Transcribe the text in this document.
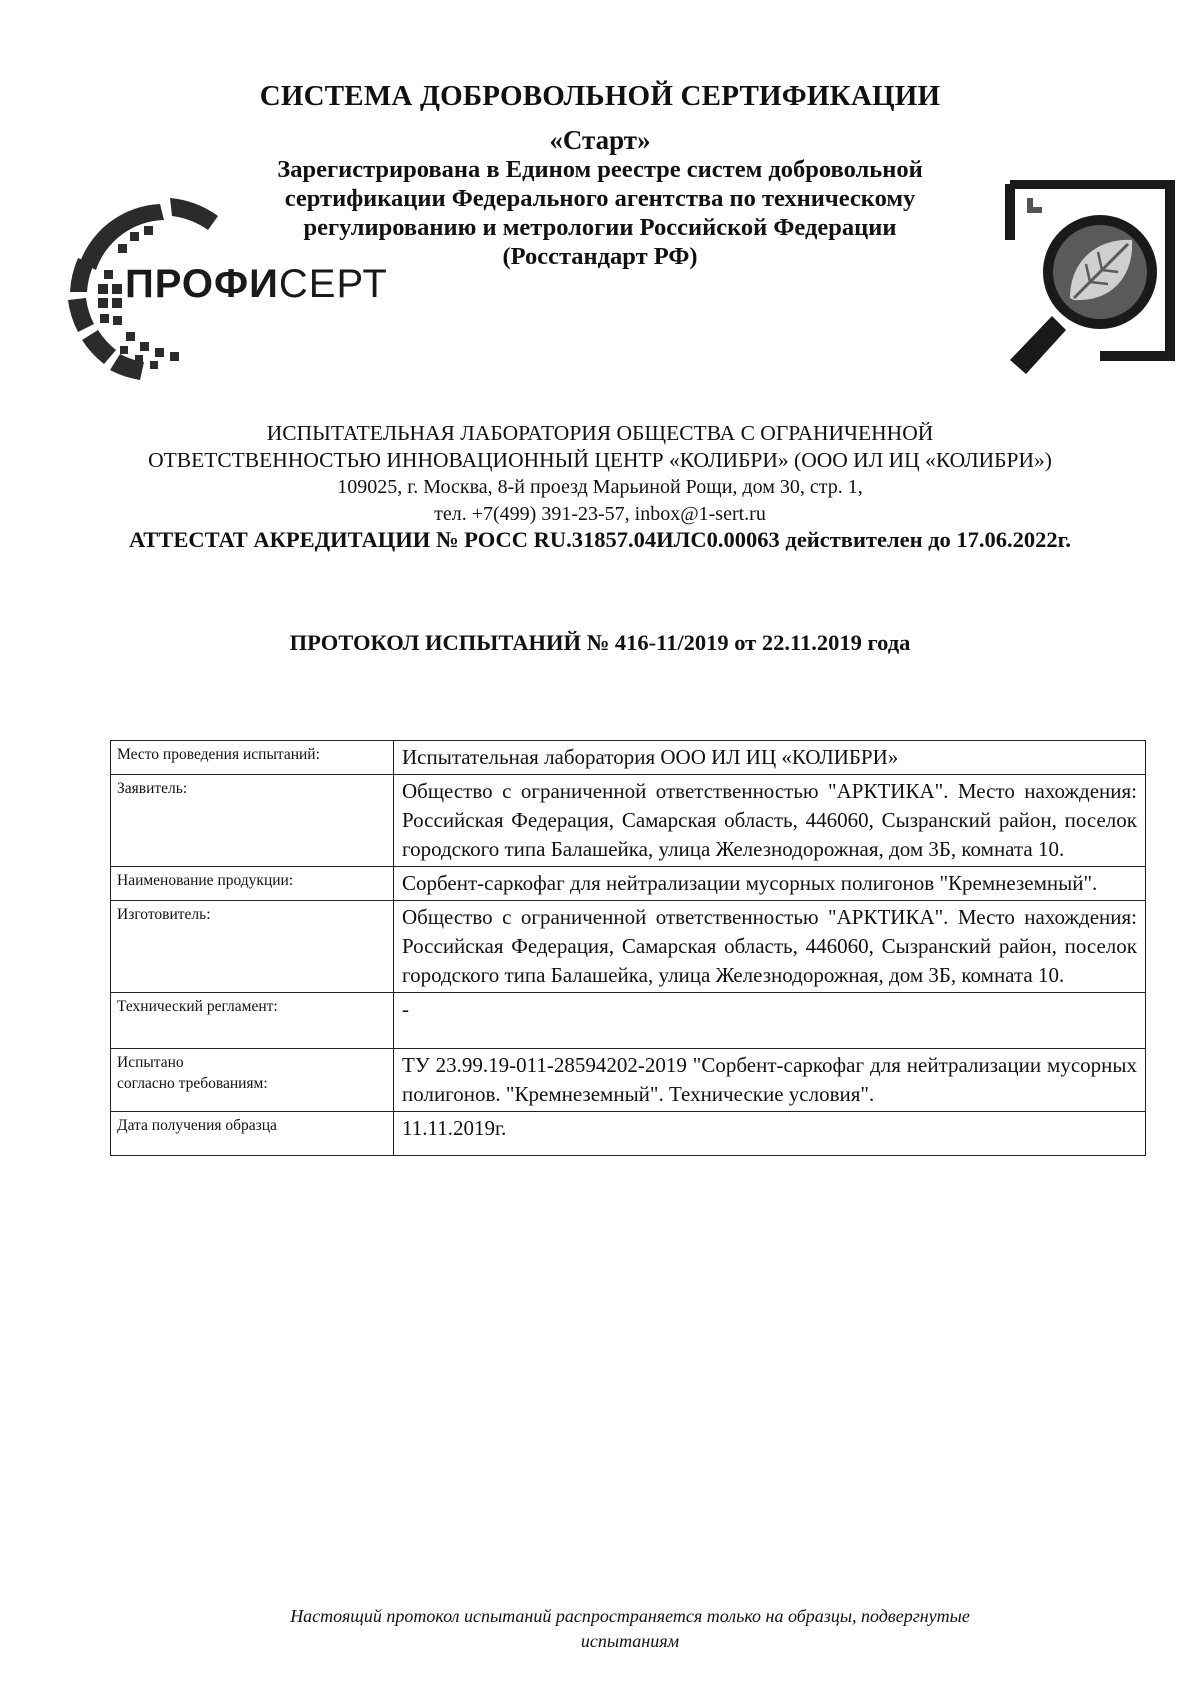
СИСТЕМА ДОБРОВОЛЬНОЙ СЕРТИФИКАЦИИ
«Старт»
Зарегистрирована в Едином реестре систем добровольной
сертификации Федерального агентства по техническому
регулированию и метрологии Российской Федерации
(Росстандарт РФ)
ПРОФИСЕРТ
ИСПЫТАТЕЛЬНАЯ ЛАБОРАТОРИЯ ОБЩЕСТВА С ОГРАНИЧЕННОЙ
ОТВЕТСТВЕННОСТЬЮ ИННОВАЦИОННЫЙ ЦЕНТР «КОЛИБРИ» (ООО ИЛ ИЦ «КОЛИБРИ»)
109025, г. Москва, 8-й проезд Марьиной Рощи, дом 30, стр. 1,
тел. +7(499) 391-23-57, inbox@1-sert.ru
АТТЕСТАТ АКРЕДИТАЦИИ № РОСС RU.31857.04ИЛС0.00063 действителен до 17.06.2022г.
ПРОТОКОЛ ИСПЫТАНИЙ № 416-11/2019 от 22.11.2019 года
Место проведения испытаний:	Испытательная лаборатория ООО ИЛ ИЦ «КОЛИБРИ»
Заявитель:	Общество с ограниченной ответственностью "АРКТИКА". Место нахождения: Российская Федерация, Самарская область, 446060, Сызранский район, поселок городского типа Балашейка, улица Железнодорожная, дом 3Б, комната 10.
Наименование продукции:	Сорбент-саркофаг для нейтрализации мусорных полигонов "Кремнеземный".
Изготовитель:	Общество с ограниченной ответственностью "АРКТИКА". Место нахождения: Российская Федерация, Самарская область, 446060, Сызранский район, поселок городского типа Балашейка, улица Железнодорожная, дом 3Б, комната 10.
Технический регламент:	-

Испытано
согласно требованиям:	ТУ 23.99.19-011-28594202-2019 "Сорбент-саркофаг для нейтрализации мусорных полигонов. "Кремнеземный". Технические условия".
Дата получения образца	11.11.2019г.
Настоящий протокол испытаний распространяется только на образцы, подвергнутые
испытаниям
